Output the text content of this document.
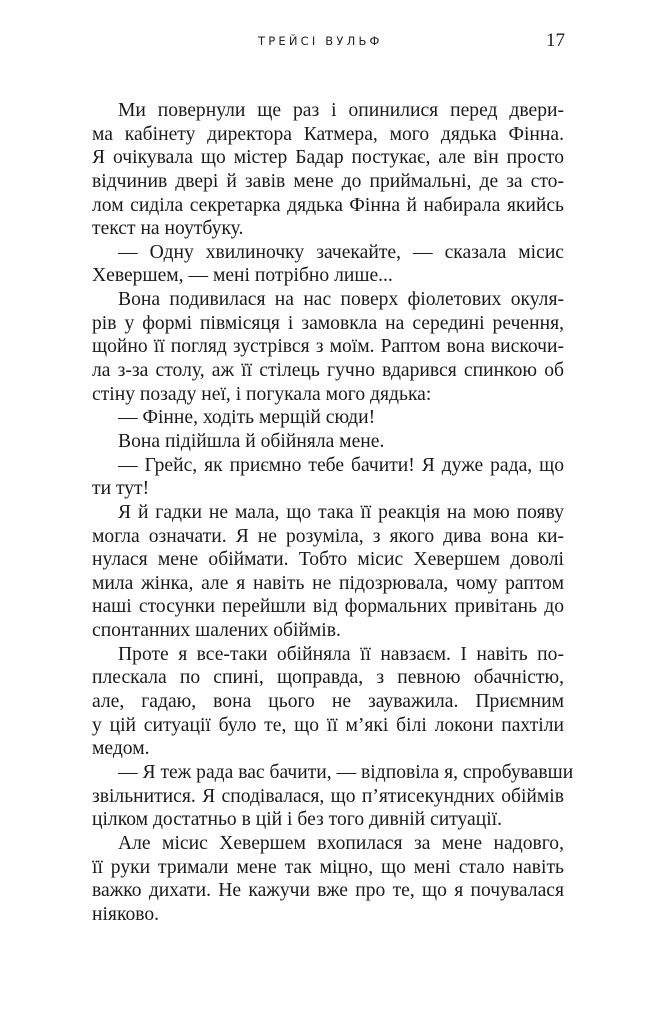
ТРЕЙСІ ВУЛЬФ	17
Ми повернули ще раз і опинилися перед двери-
ма кабінету директора Катмера, мого дядька Фінна.
Я очікувала що містер Бадар постукає, але він просто
відчинив двері й завів мене до приймальні, де за сто-
лом сиділа секретарка дядька Фінна й набирала якийсь
текст на ноутбуку.
— Одну хвилиночку зачекайте, — сказала місис
Хевершем, — мені потрібно лише...
Вона подивилася на нас поверх фіолетових окуля-
рів у формі півмісяця і замовкла на середині речення,
щойно її погляд зустрівся з моїм. Раптом вона вискочи-
ла з-за столу, аж її стілець гучно вдарився спинкою об
стіну позаду неї, і погукала мого дядька:
— Фінне, ходіть мерщій сюди!
Вона підійшла й обійняла мене.
— Грейс, як приємно тебе бачити! Я дуже рада, що
ти тут!
Я й гадки не мала, що така її реакція на мою появу
могла означати. Я не розуміла, з якого дива вона ки-
нулася мене обіймати. Тобто місис Хевершем доволі
мила жінка, але я навіть не підозрювала, чому раптом
наші стосунки перейшли від формальних привітань до
спонтанних шалених обіймів.
Проте я все-таки обійняла її навзаєм. І навіть по-
плескала по спині, щоправда, з певною обачністю,
але, гадаю, вона цього не зауважила. Приємним
у цій ситуації було те, що її м’які білі локони пахтіли
медом.
— Я теж рада вас бачити, — відповіла я, спробувавши
звільнитися. Я сподівалася, що п’ятисекундних обіймів
цілком достатньо в цій і без того дивній ситуації.
Але місис Хевершем вхопилася за мене надовго,
її руки тримали мене так міцно, що мені стало навіть
важко дихати. Не кажучи вже про те, що я почувалася
ніяково.
